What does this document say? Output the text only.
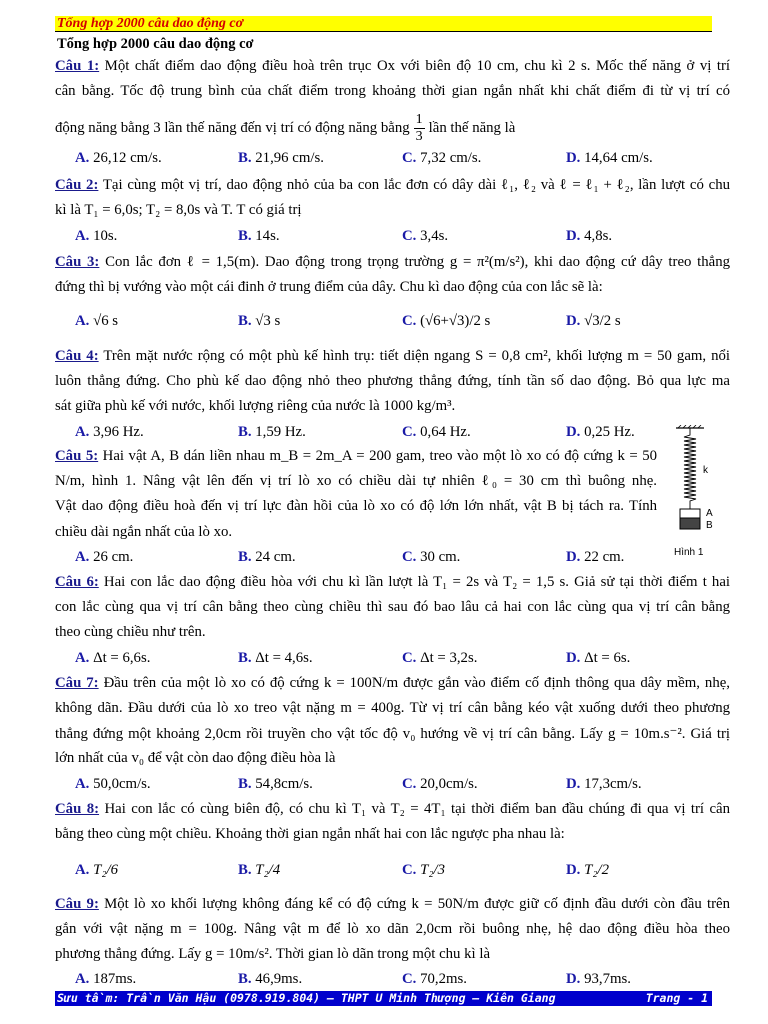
Tổng hợp 2000 câu dao động cơ
Tổng hợp 2000 câu dao động cơ
Câu 1: Một chất điểm dao động điều hoà trên trục Ox với biên độ 10 cm, chu kì 2 s. Mốc thế năng ở vị trí
cân bằng. Tốc độ trung bình của chất điểm trong khoảng thời gian ngắn nhất khi chất điểm đi từ vị trí có
động năng bằng 3 lần thế năng đến vị trí có động năng bằng $\frac{1}{3}$ lần thế năng là
A. 26,12 cm/s.	B. 21,96 cm/s.	C. 7,32 cm/s.	D. 14,64 cm/s.
Câu 2: Tại cùng một vị trí, dao động nhỏ của ba con lắc đơn có dây dài ℓ₁, ℓ₂ và ℓ = ℓ₁ + ℓ₂, lần lượt có chu
kì là T₁ = 6,0s; T₂ = 8,0s và T. T có giá trị
A. 10s.	B. 14s.	C. 3,4s.	D. 4,8s.
Câu 3: Con lắc đơn ℓ = 1,5(m). Dao động trong trọng trường g = π²(m/s²), khi dao động cứ dây treo thẳng
đứng thì bị vướng vào một cái đinh ở trung điểm của dây. Chu kì dao động của con lắc sẽ là:
A. √6 s	B. √3 s	C. (√6+√3)/2 s	D. √3/2 s
Câu 4: Trên mặt nước rộng có một phù kế hình trụ: tiết diện ngang S = 0,8 cm², khối lượng m = 50 gam, nổi
luôn thẳng đứng. Cho phù kế dao động nhỏ theo phương thẳng đứng, tính tần số dao động. Bỏ qua lực ma
sát giữa phù kế với nước, khối lượng riêng của nước là 1000 kg/m³.
A. 3,96 Hz.	B. 1,59 Hz.	C. 0,64 Hz.	D. 0,25 Hz.
Câu 5: Hai vật A, B dán liền nhau m_B = 2m_A = 200 gam, treo vào một lò xo có độ cứng k = 50
N/m, hình 1. Nâng vật lên đến vị trí lò xo có chiều dài tự nhiên ℓ₀ = 30 cm thì buông nhẹ.
Vật dao động điều hoà đến vị trí lực đàn hồi của lò xo có độ lớn lớn nhất, vật B bị tách ra. Tính
chiều dài ngắn nhất của lò xo.
A. 26 cm.	B. 24 cm.	C. 30 cm.	D. 22 cm.
k
A
B
Hình 1
Câu 6: Hai con lắc dao động điều hòa với chu kì lần lượt là T₁ = 2s và T₂ = 1,5 s. Giả sử tại thời điểm t hai
con lắc cùng qua vị trí cân bằng theo cùng chiều thì sau đó bao lâu cả hai con lắc cùng qua vị trí cân bằng
theo cùng chiều như trên.
A. Δt = 6,6s.	B. Δt = 4,6s.	C. Δt = 3,2s.	D. Δt = 6s.
Câu 7: Đầu trên của một lò xo có độ cứng k = 100N/m được gắn vào điểm cố định thông qua dây mềm, nhẹ,
không dãn. Đầu dưới của lò xo treo vật nặng m = 400g. Từ vị trí cân bằng kéo vật xuống dưới theo phương
thẳng đứng một khoảng 2,0cm rồi truyền cho vật tốc độ v₀ hướng về vị trí cân bằng. Lấy g = 10m.s⁻². Giá trị
lớn nhất của v₀ để vật còn dao động điều hòa là
A. 50,0cm/s.	B. 54,8cm/s.	C. 20,0cm/s.	D. 17,3cm/s.
Câu 8: Hai con lắc có cùng biên độ, có chu kì T₁ và T₂ = 4T₁ tại thời điểm ban đầu chúng đi qua vị trí cân
bằng theo cùng một chiều. Khoảng thời gian ngắn nhất hai con lắc ngược pha nhau là:
A. T₂/6	B. T₂/4	C. T₂/3	D. T₂/2
Câu 9: Một lò xo khối lượng không đáng kể có độ cứng k = 50N/m được giữ cố định đầu dưới còn đầu trên
gắn với vật nặng m = 100g. Nâng vật m để lò xo dãn 2,0cm rồi buông nhẹ, hệ dao động điều hòa theo
phương thẳng đứng. Lấy g = 10m/s². Thời gian lò dãn trong một chu kì là
A. 187ms.	B. 46,9ms.	C. 70,2ms.	D. 93,7ms.
Sưu tầm: Trần Văn Hậu (0978.919.804) – THPT U Minh Thượng – Kiên Giang	Trang - 1
